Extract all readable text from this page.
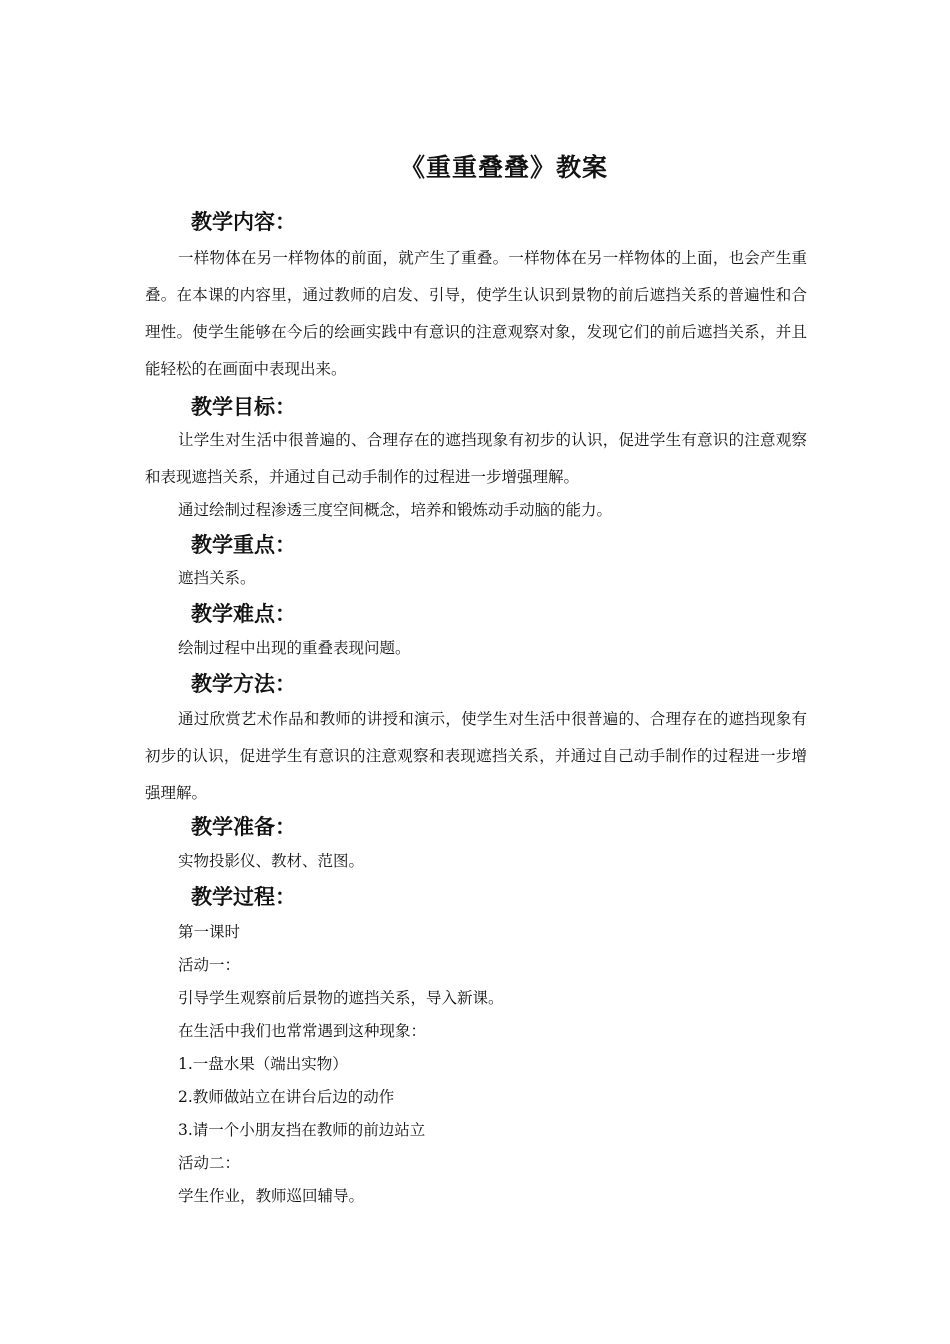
《重重叠叠》教案
教学内容：
一样物体在另一样物体的前面，就产生了重叠。一样物体在另一样物体的上面，也会产生重叠。在本课的内容里，通过教师的启发、引导，使学生认识到景物的前后遮挡关系的普遍性和合理性。使学生能够在今后的绘画实践中有意识的注意观察对象，发现它们的前后遮挡关系，并且能轻松的在画面中表现出来。
教学目标：
让学生对生活中很普遍的、合理存在的遮挡现象有初步的认识，促进学生有意识的注意观察和表现遮挡关系，并通过自己动手制作的过程进一步增强理解。
通过绘制过程渗透三度空间概念，培养和锻炼动手动脑的能力。
教学重点：
遮挡关系。
教学难点：
绘制过程中出现的重叠表现问题。
教学方法：
通过欣赏艺术作品和教师的讲授和演示，使学生对生活中很普遍的、合理存在的遮挡现象有初步的认识，促进学生有意识的注意观察和表现遮挡关系，并通过自己动手制作的过程进一步增强理解。
教学准备：
实物投影仪、教材、范图。
教学过程：
第一课时
活动一：
引导学生观察前后景物的遮挡关系，导入新课。
在生活中我们也常常遇到这种现象：
1.一盘水果（端出实物）
2.教师做站立在讲台后边的动作
3.请一个小朋友挡在教师的前边站立
活动二：
学生作业，教师巡回辅导。
